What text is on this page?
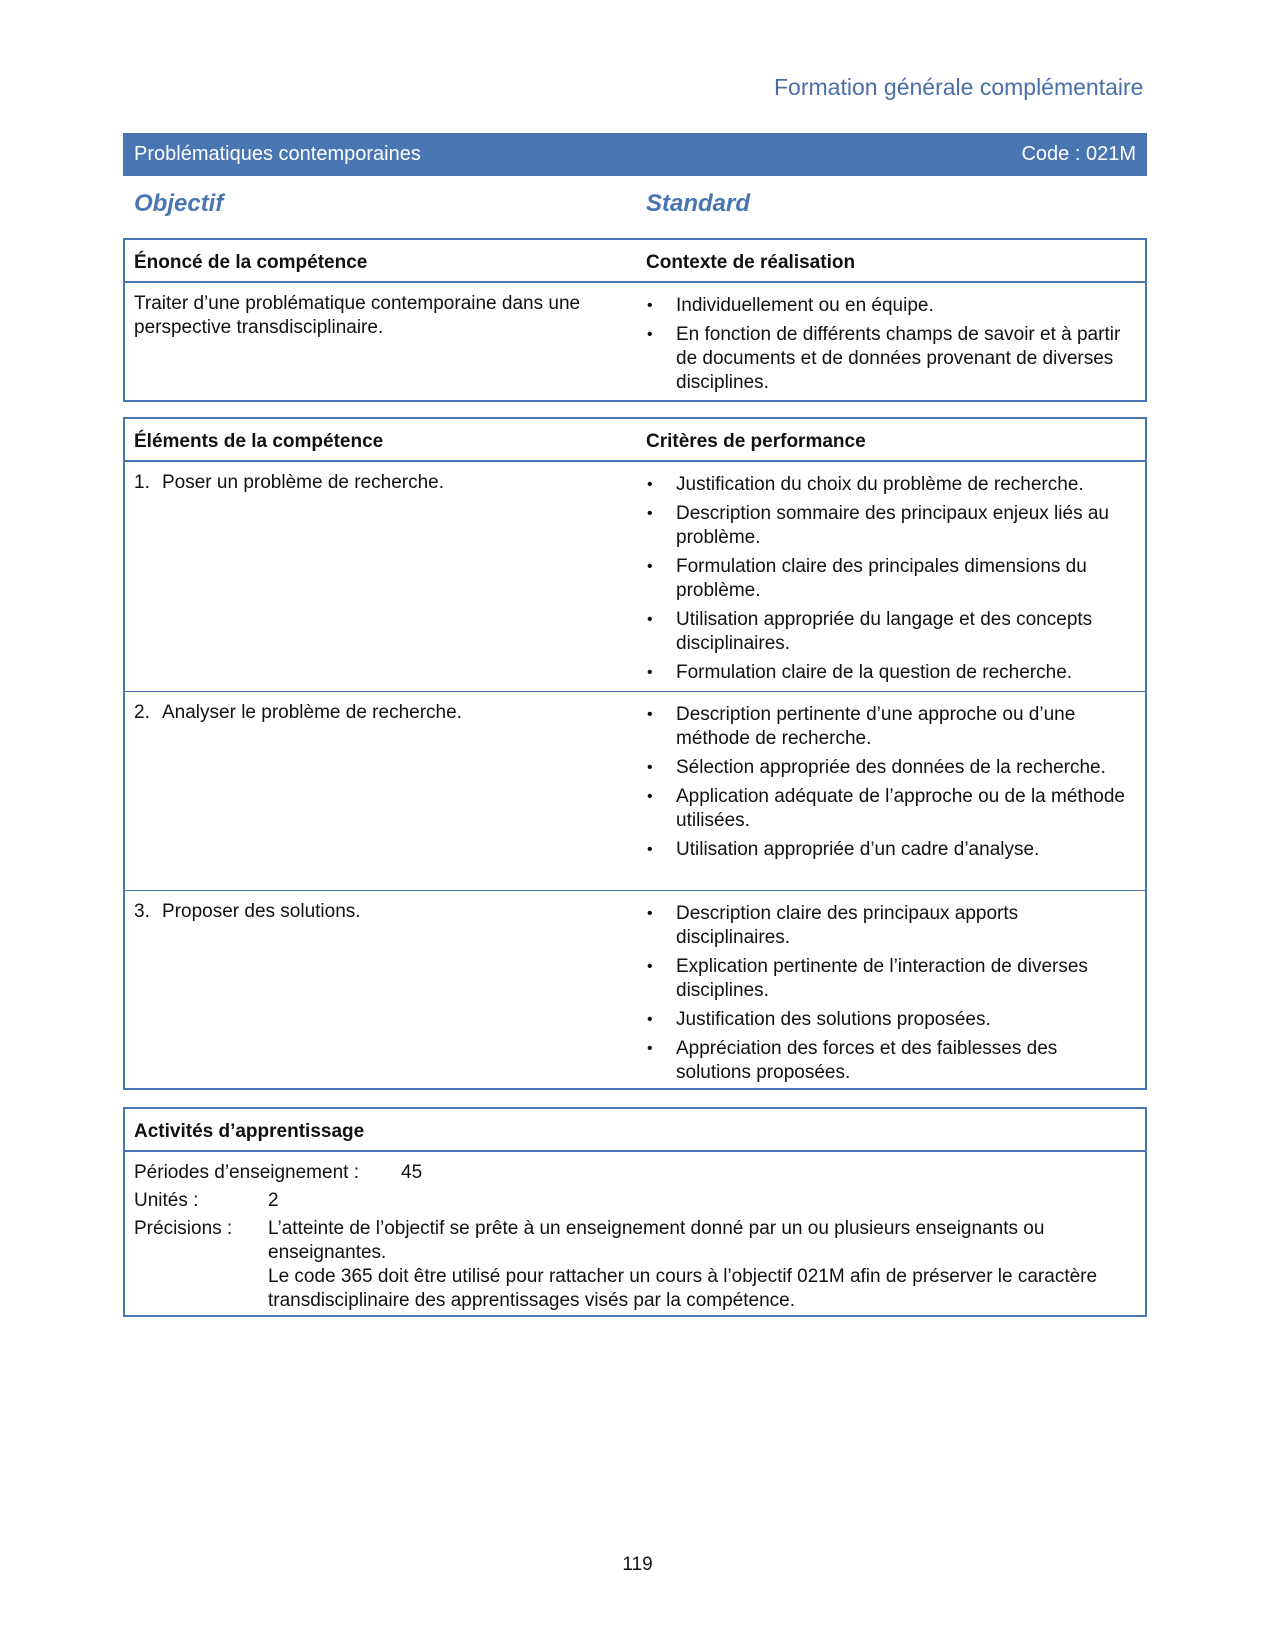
Formation générale complémentaire
Problématiques contemporaines	Code : 021M
Objectif	Standard
Énoncé de la compétence	Contexte de réalisation
Traiter d’une problématique contemporaine dans une perspective transdisciplinaire.
• Individuellement ou en équipe.
• En fonction de différents champs de savoir et à partir de documents et de données provenant de diverses disciplines.
Éléments de la compétence	Critères de performance
1. Poser un problème de recherche.	• Justification du choix du problème de recherche.
• Description sommaire des principaux enjeux liés au problème.
• Formulation claire des principales dimensions du problème.
• Utilisation appropriée du langage et des concepts disciplinaires.
• Formulation claire de la question de recherche.
2. Analyser le problème de recherche.	• Description pertinente d’une approche ou d’une méthode de recherche.
• Sélection appropriée des données de la recherche.
• Application adéquate de l’approche ou de la méthode utilisées.
• Utilisation appropriée d’un cadre d’analyse.
3. Proposer des solutions.	• Description claire des principaux apports disciplinaires.
• Explication pertinente de l’interaction de diverses disciplines.
• Justification des solutions proposées.
• Appréciation des forces et des faiblesses des solutions proposées.
Activités d’apprentissage
Périodes d’enseignement : 45
Unités :	2
Précisions : L’atteinte de l’objectif se prête à un enseignement donné par un ou plusieurs enseignants ou enseignantes.
Le code 365 doit être utilisé pour rattacher un cours à l’objectif 021M afin de préserver le caractère transdisciplinaire des apprentissages visés par la compétence.
119
